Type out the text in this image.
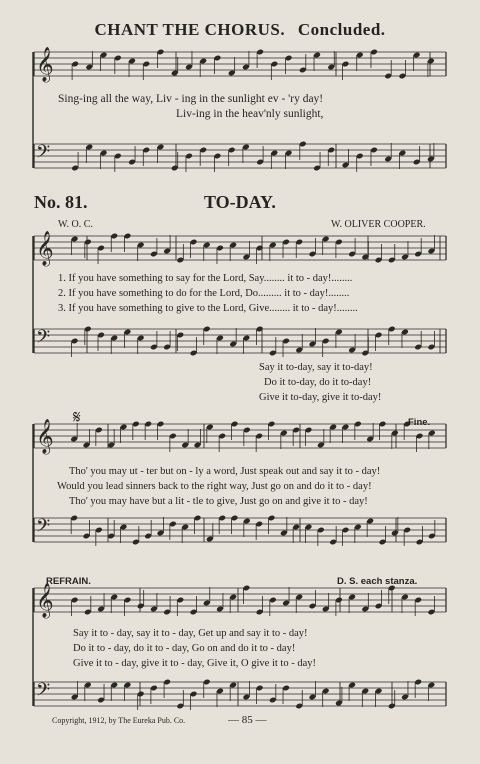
CHANT THE CHORUS. Concluded.
𝄞
𝄢
𝄞
𝄢
𝄞
𝄢
𝄞
𝄢
Sing-ing all the way, Liv - ing in the sunlight ev - 'ry day!
Liv-ing in the heav'nly sunlight,
No. 81.	TO-DAY.
W. O. C.	W. OLIVER COOPER.
1. If you have something to say for the Lord, Say........ it to - day!........
2. If you have something to do for the Lord, Do......... it to - day!........
3. If you have something to give to the Lord, Give........ it to - day!........
Say it to-day, say it to-day!
Do it to-day, do it to-day!
Give it to-day, give it to-day!
𝄋	Fine.
Tho' you may ut - ter but on - ly a word, Just speak out and say it to - day!
Would you lead sinners back to the right way, Just go on and do it to - day!
Tho' you may have but a lit - tle to give, Just go on and give it to - day!
REFRAIN.	D. S. each stanza.
Say it to - day, say it to - day, Get up and say it to - day!
Do it to - day, do it to - day, Go on and do it to - day!
Give it to - day, give it to - day, Give it, O give it to - day!
Copyright, 1912, by The Eureka Pub. Co.	— 85 —
